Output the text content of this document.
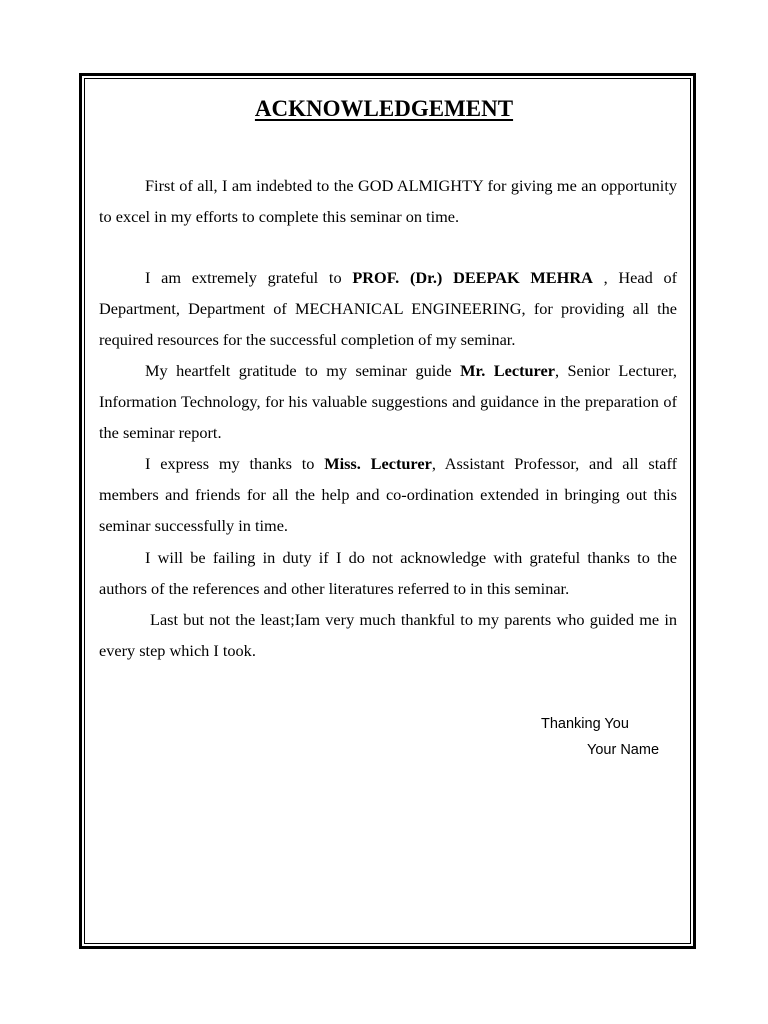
ACKNOWLEDGEMENT

First of all, I am indebted to the GOD ALMIGHTY for giving me an opportunity to excel in my efforts to complete this seminar on time.

I am extremely grateful to PROF. (Dr.) DEEPAK MEHRA , Head of Department, Department of MECHANICAL ENGINEERING, for providing all the required resources for the successful completion of my seminar.

My heartfelt gratitude to my seminar guide Mr. Lecturer, Senior Lecturer, Information Technology, for his valuable suggestions and guidance in the preparation of the seminar report.

I express my thanks to Miss. Lecturer, Assistant Professor, and all staff members and friends for all the help and co-ordination extended in bringing out this seminar successfully in time.

I will be failing in duty if I do not acknowledge with grateful thanks to the authors of the references and other literatures referred to in this seminar.

Last but not the least;Iam very much thankful to my parents who guided me in every step which I took.

Thanking You
Your Name
